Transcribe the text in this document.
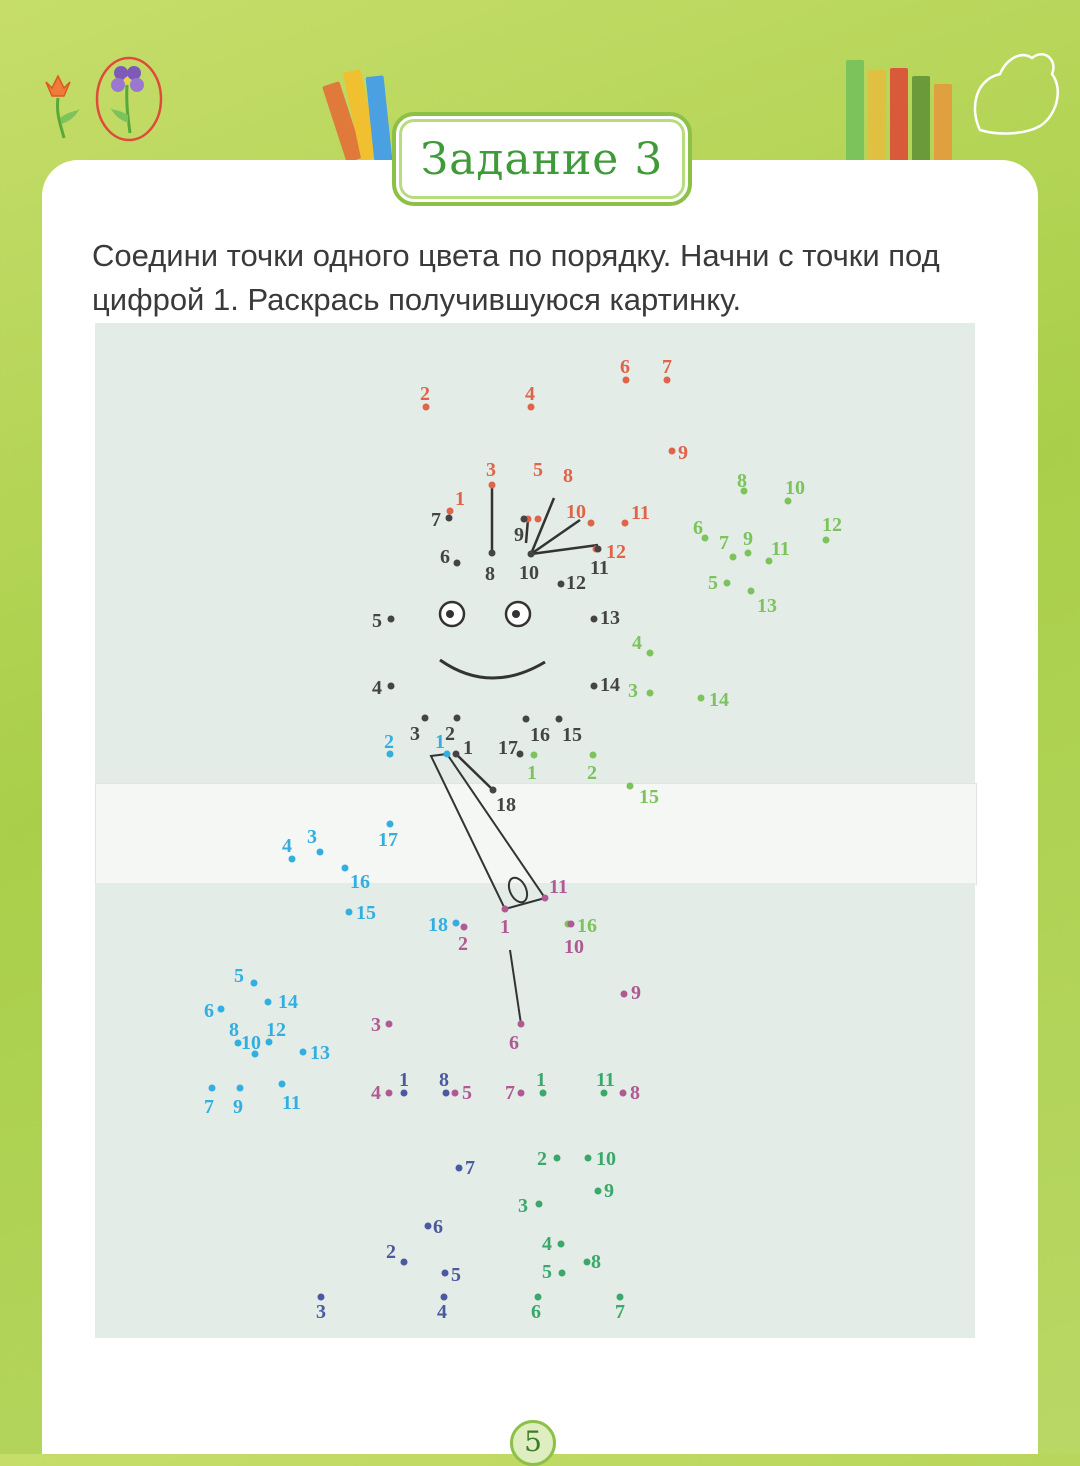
Задание 3
Соедини точки одного цвета по порядку. Начни с точки под цифрой 1. Раскрась получившуюся картинку.
1
2
3
4
5
6 7
8
9
10 11
12
1
2
3
4
5
6
7
8
9
10	11
12
13
14
15
16
17
18
1	2
3
4
5
6
7
8
9
10
11
12
13
14
15
16
1
2
3
4
5
6
7
8
9
10
11
12
13
14
15
16
17
18	1
2
3
4	5
6
7	8
9
10
11
1
2
3	4
5
6
7
8	1
2
3
4
5
6	7
8
9
10
11
5
